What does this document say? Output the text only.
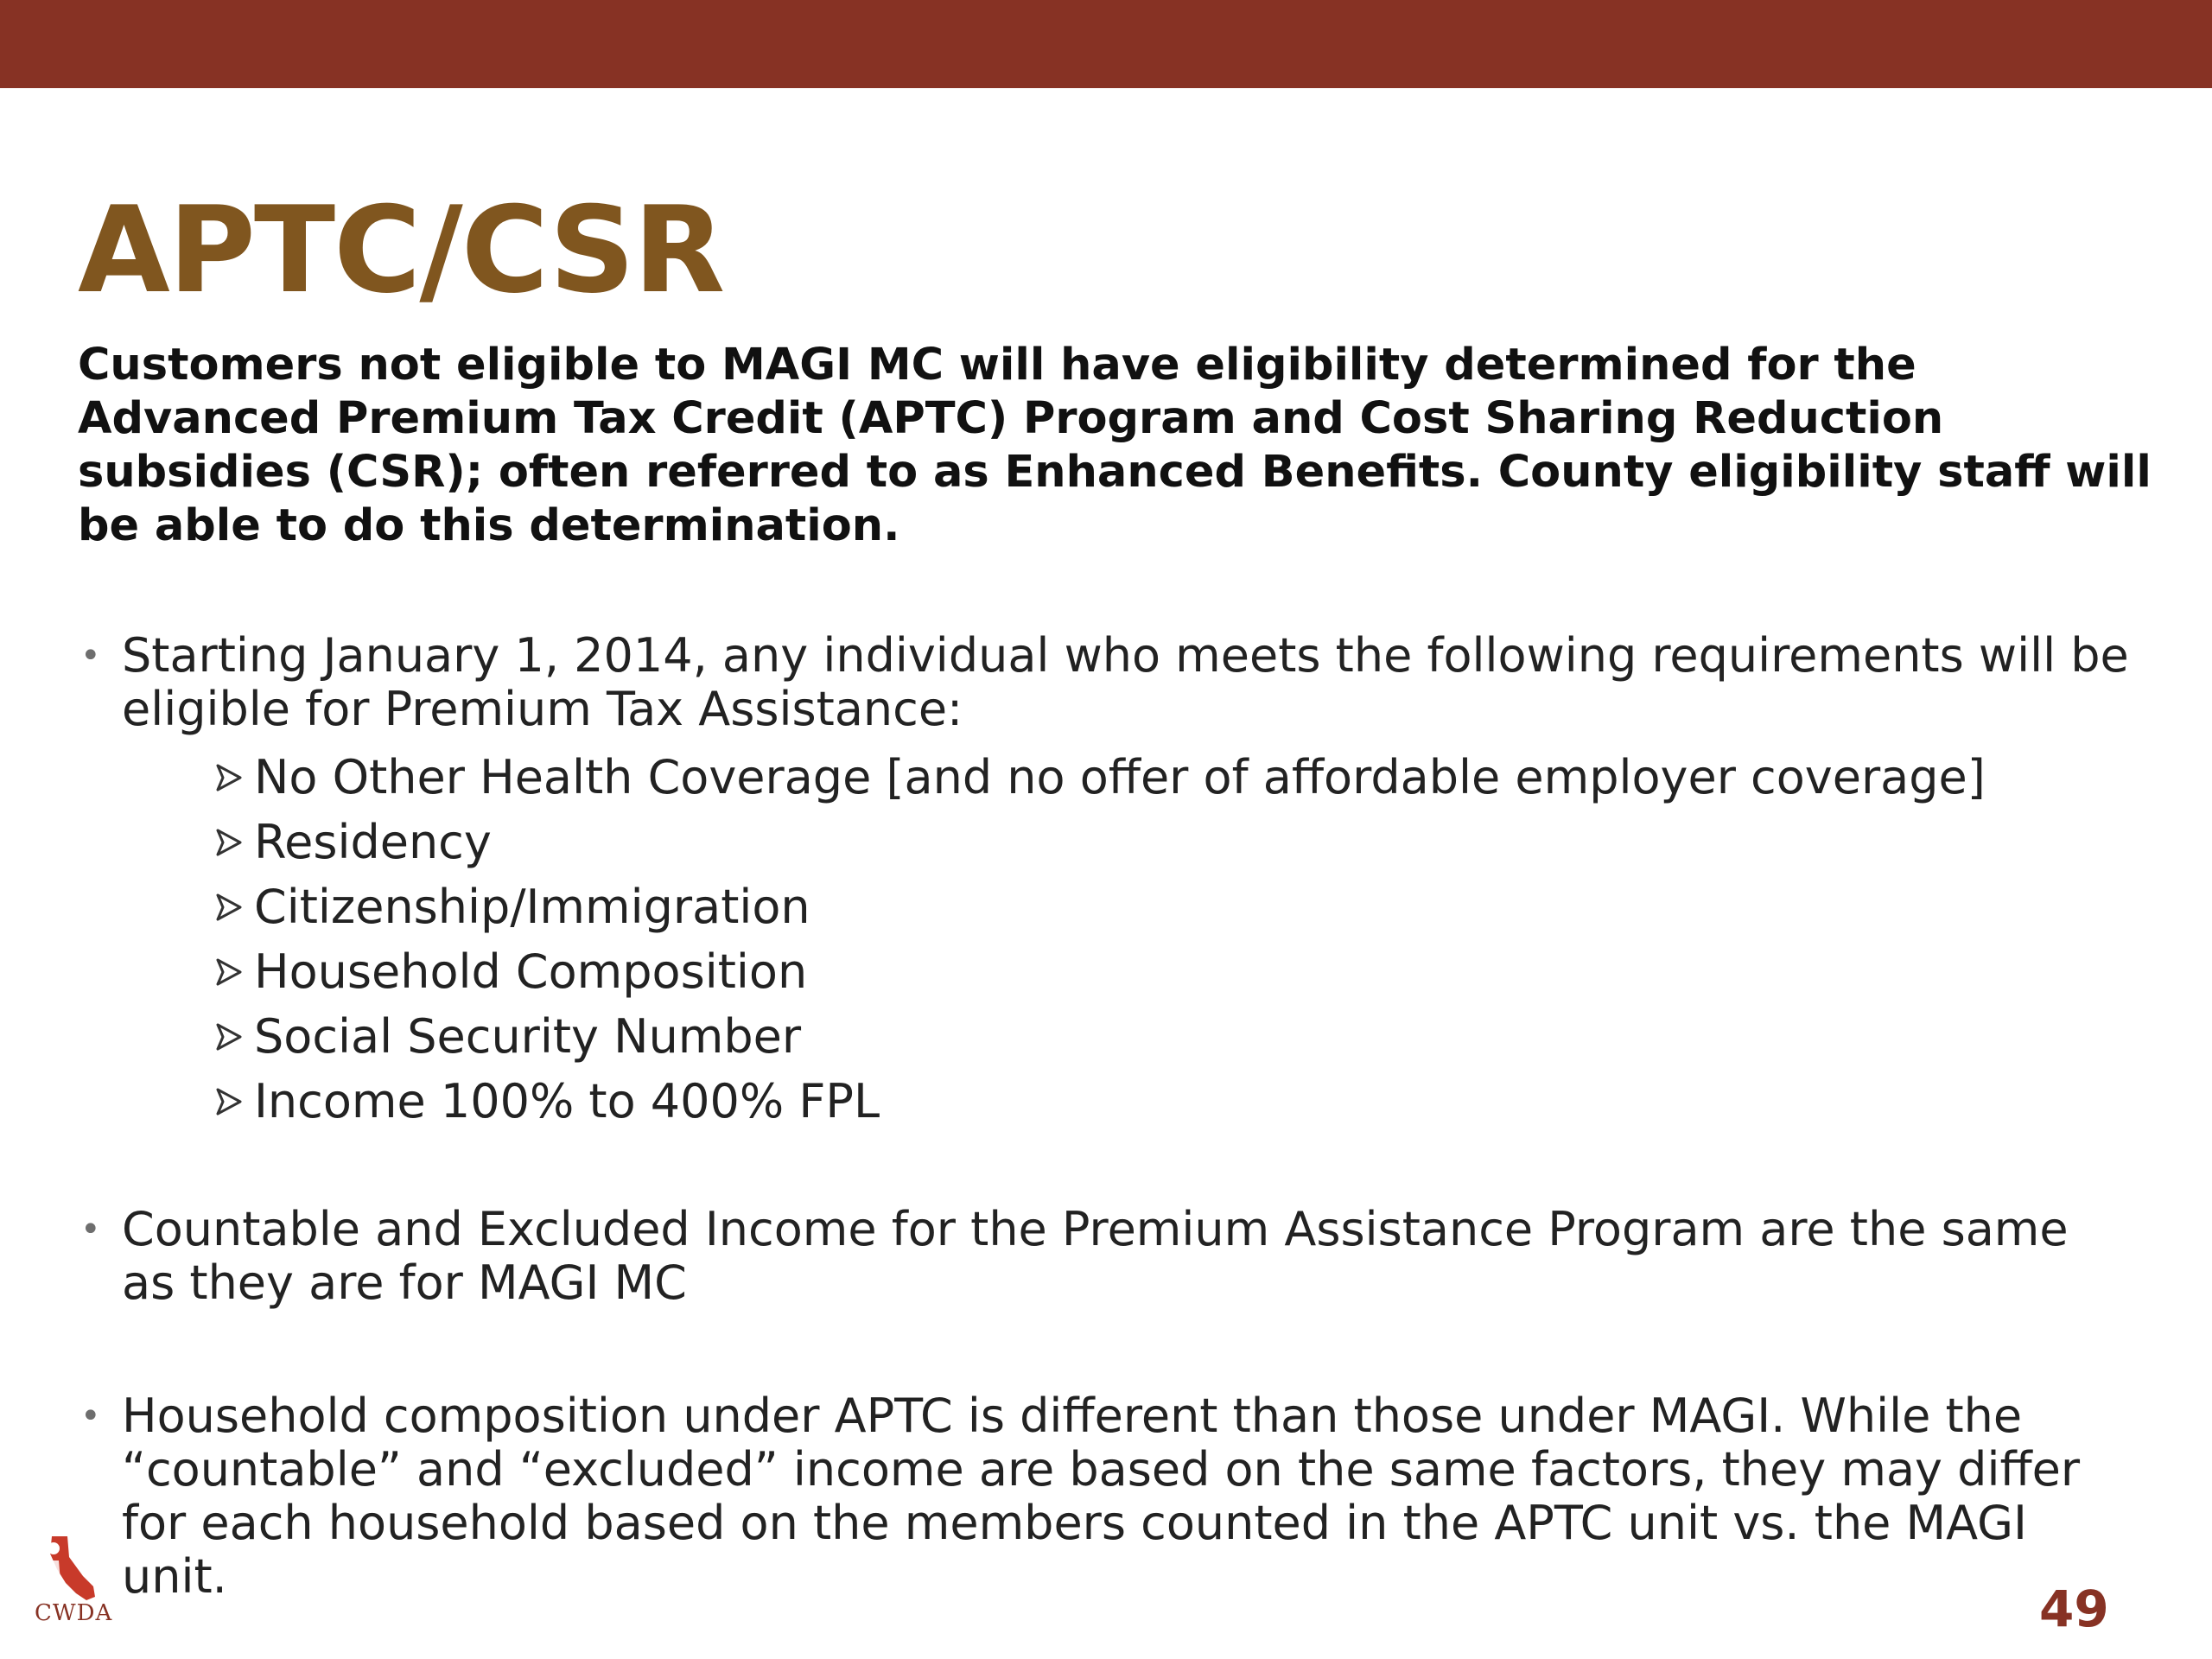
APTC/CSR
Customers not eligible to MAGI MC will have eligibility determined for the Advanced Premium Tax Credit (APTC) Program and Cost Sharing Reduction subsidies (CSR); often referred to as Enhanced Benefits. County eligibility staff will be able to do this determination.
• Starting January 1, 2014, any individual who meets the following requirements will be eligible for Premium Tax Assistance:
• Countable and Excluded Income for the Premium Assistance Program are the same as they are for MAGI MC
• Household composition under APTC is different than those under MAGI. While the “countable” and “excluded” income are based on the same factors, they may differ for each household based on the members counted in the APTC unit vs. the MAGI unit.
No Other Health Coverage [and no offer of affordable employer coverage]
Residency
Citizenship/Immigration
Household Composition
Social Security Number
Income 100% to 400% FPL
CWDA	49
